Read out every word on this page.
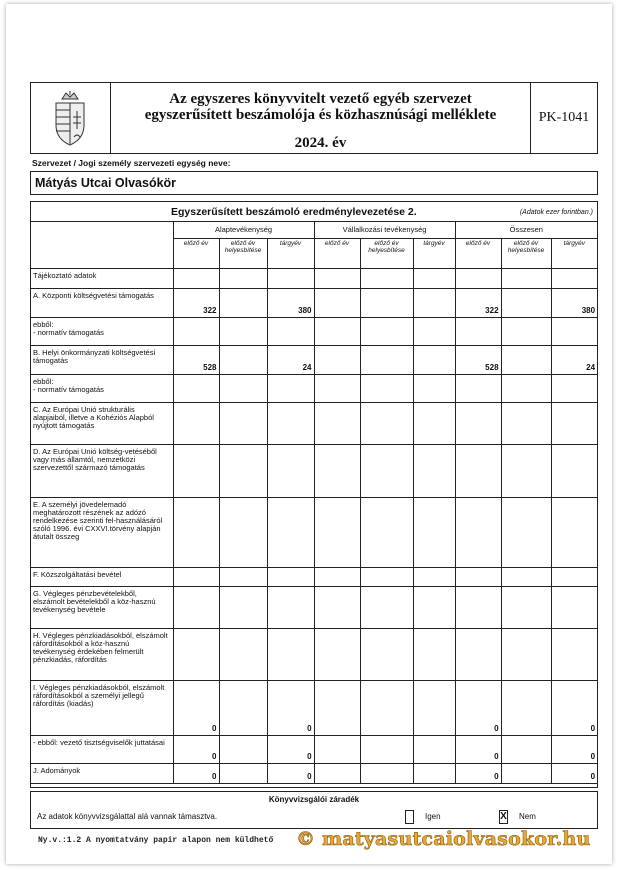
Az egyszeres könyvvitelt vezető egyéb szervezet
egyszerűsített beszámolója és közhasznúsági melléklete
2024. év
PK-1041
Szervezet / Jogi személy szervezeti egység neve:
Mátyás Utcai Olvasókör
Egyszerűsített beszámoló eredménylevezetése 2.	(Adatok ezer forintban.)
	Alaptevékenység			Vállalkozási tevékenység			Összesen		
	előző év	előző év helyesbítése	tárgyév	előző év	előző év helyesbítése	tárgyév	előző év	előző év helyesbítése	tárgyév
Tájékoztató adatok									
A. Központi költségvetési támogatás	322		380				322		380
ebből:
- normatív támogatás									
B. Helyi önkormányzati költségvetési támogatás	528		24				528		24
ebből:
- normatív támogatás									
C. Az Európai Unió strukturális alapjaiból, illetve a Kohéziós Alapból nyújtott támogatás									
D. Az Európai Unió költség-vetéséből vagy más államtól, nemzetközi szervezettől származó támogatás									
E. A személyi jövedelemadó meghatározott részének az adózó rendelkezése szerinti fel-használásáról szóló 1996. évi CXXVI.törvény alapján átutalt összeg									
F. Közszolgáltatási bevétel									
G. Végleges pénzbevételekből, elszámolt bevételekből a köz-hasznú tevékenység bevétele									
H. Végleges pénzkiadásokból, elszámolt ráfordításokból a köz-hasznú tevékenység érdekében felmerült pénzkiadás, ráfordítás									
I. Végleges pénzkiadásokból, elszámolt ráfordításokból a személyi jellegű ráfordítás (kiadás)	0		0				0		0
- ebből: vezető tisztségviselők juttatásai	0		0				0		0
J. Adományok	0		0				0		0
Könyvvizsgálói záradék
Az adatok könyvvizsgálattal alá vannak támasztva.	Igen	X Nem
Ny.v.:1.2 A nyomtatvány papír alapon nem küldhető © matyasutcaiolvasokor.hu
